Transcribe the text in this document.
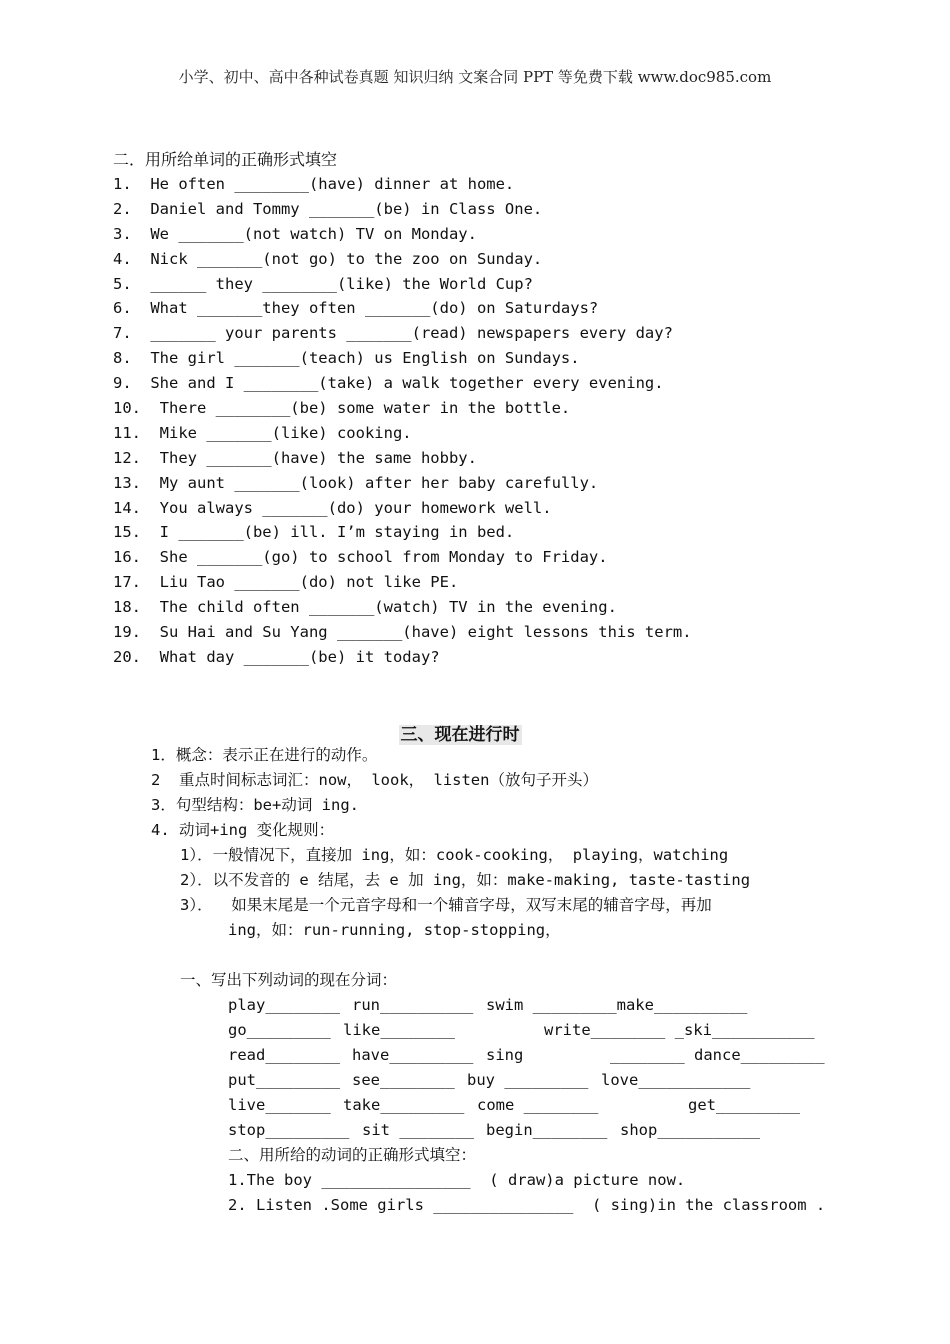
小学、初中、高中各种试卷真题 知识归纳 文案合同 PPT 等免费下载 www.doc985.com
二．用所给单词的正确形式填空
1.  He often ________(have) dinner at home.
2.  Daniel and Tommy _______(be) in Class One.
3.  We _______(not watch) TV on Monday.
4.  Nick _______(not go) to the zoo on Sunday.
5.  ______ they ________(like) the World Cup?
6.  What _______they often _______(do) on Saturdays?
7.  _______ your parents _______(read) newspapers every day?
8.  The girl _______(teach) us English on Sundays.
9.  She and I ________(take) a walk together every evening.
10.  There ________(be) some water in the bottle.
11.  Mike _______(like) cooking.
12.  They _______(have) the same hobby.
13.  My aunt _______(look) after her baby carefully.
14.  You always _______(do) your homework well.
15.  I _______(be) ill. I’m staying in bed.
16.  She _______(go) to school from Monday to Friday.
17.  Liu Tao _______(do) not like PE.
18.  The child often _______(watch) TV in the evening.
19.  Su Hai and Su Yang _______(have) eight lessons this term.
20.  What day _______(be) it today?
三、现在进行时
1．概念：表示正在进行的动作。
2  重点时间标志词汇：now， look， listen（放句子开头）
3．句型结构：be+动词 ing.
4. 动词+ing 变化规则：
1）．一般情况下，直接加 ing，如：cook-cooking， playing，watching
2）．以不发音的 e 结尾，去 e 加 ing，如：make-making, taste-tasting
3）．  如果末尾是一个元音字母和一个辅音字母，双写末尾的辅音字母，再加
ing，如：run-running, stop-stopping，
一、写出下列动词的现在分词：
play________ run__________ swim _________make__________
go_________ like________	write________ _ski___________
read________ have_________ sing	________ dance_________
put_________ see________ buy _________ love____________
live_______ take_________ come ________	get_________
stop_________ sit ________ begin________ shop___________
二、用所给的动词的正确形式填空：
1.The boy ________________  ( draw)a picture now.
2. Listen .Some girls _______________  ( sing)in the classroom .
